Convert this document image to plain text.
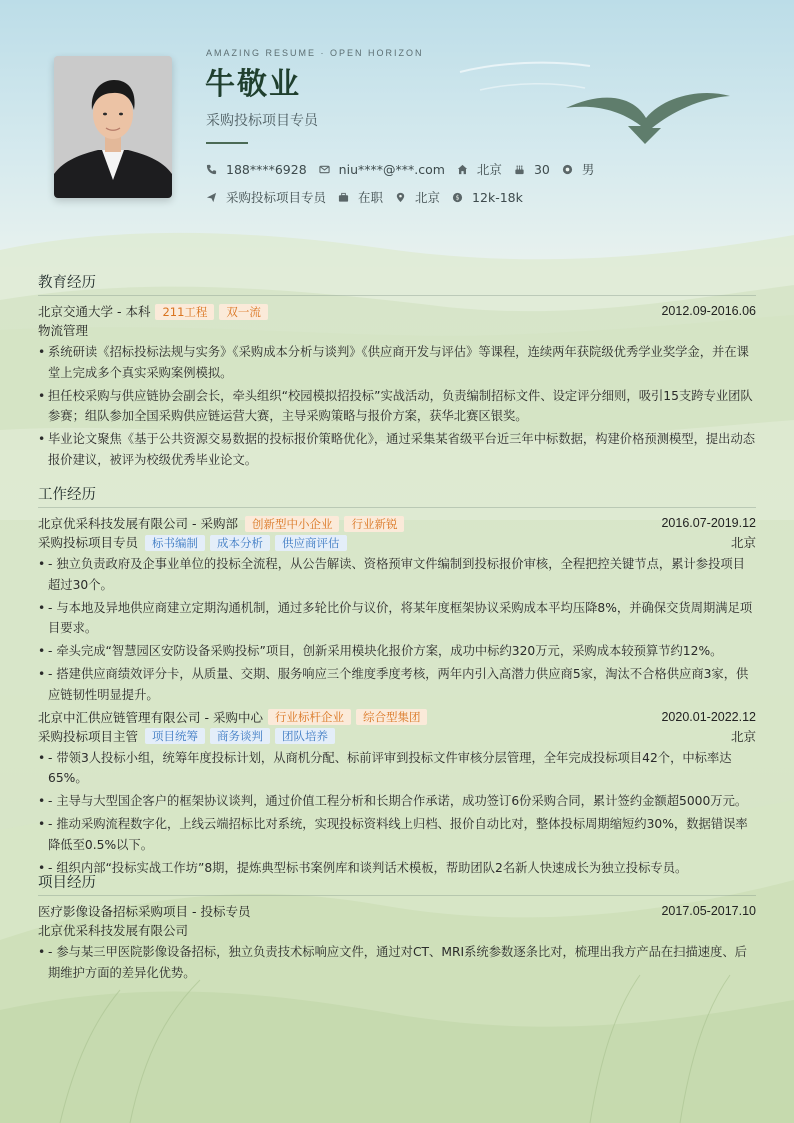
AMAZING RESUME · OPEN HORIZON
牛敬业
采购投标项目专员
188****6928	niu****@***.com	北京	30	男
采购投标项目专员	在职	北京 $ 12k-18k
教育经历
北京交通大学 - 本科	211工程	双一流	2012.09-2016.06
物流管理
• 系统研读《招标投标法规与实务》《采购成本分析与谈判》《供应商开发与评估》等课程，连续两年获院级优秀学业奖学金，并在课堂上完成多个真实采购案例模拟。
• 担任校采购与供应链协会副会长，牵头组织“校园模拟招投标”实战活动，负责编制招标文件、设定评分细则，吸引15支跨专业团队参赛；组队参加全国采购供应链运营大赛，主导采购策略与报价方案，获华北赛区银奖。
• 毕业论文聚焦《基于公共资源交易数据的投标报价策略优化》，通过采集某省级平台近三年中标数据，构建价格预测模型，提出动态报价建议，被评为校级优秀毕业论文。
工作经历
北京优采科技发展有限公司 - 采购部	创新型中小企业	行业新锐	2016.07-2019.12
采购投标项目专员	标书编制	成本分析	供应商评估	北京
• - 独立负责政府及企事业单位的投标全流程，从公告解读、资格预审文件编制到投标报价审核，全程把控关键节点，累计参投项目超过30个。
• - 与本地及异地供应商建立定期沟通机制，通过多轮比价与议价，将某年度框架协议采购成本平均压降8%，并确保交货周期满足项目要求。
• - 牵头完成“智慧园区安防设备采购投标”项目，创新采用模块化报价方案，成功中标约320万元，采购成本较预算节约12%。
• - 搭建供应商绩效评分卡，从质量、交期、服务响应三个维度季度考核，两年内引入高潜力供应商5家，淘汰不合格供应商3家，供应链韧性明显提升。
北京中汇供应链管理有限公司 - 采购中心	行业标杆企业	综合型集团	2020.01-2022.12
采购投标项目主管	项目统筹	商务谈判	团队培养	北京
• - 带领3人投标小组，统筹年度投标计划，从商机分配、标前评审到投标文件审核分层管理，全年完成投标项目42个，中标率达65%。
• - 主导与大型国企客户的框架协议谈判，通过价值工程分析和长期合作承诺，成功签订6份采购合同，累计签约金额超5000万元。
• - 推动采购流程数字化，上线云端招标比对系统，实现投标资料线上归档、报价自动比对，整体投标周期缩短约30%，数据错误率降低至0.5%以下。
• - 组织内部“投标实战工作坊”8期，提炼典型标书案例库和谈判话术模板，帮助团队2名新人快速成长为独立投标专员。
项目经历
医疗影像设备招标采购项目 - 投标专员	2017.05-2017.10
北京优采科技发展有限公司
• - 参与某三甲医院影像设备招标，独立负责技术标响应文件，通过对CT、MRI系统参数逐条比对，梳理出我方产品在扫描速度、后期维护方面的差异化优势。
